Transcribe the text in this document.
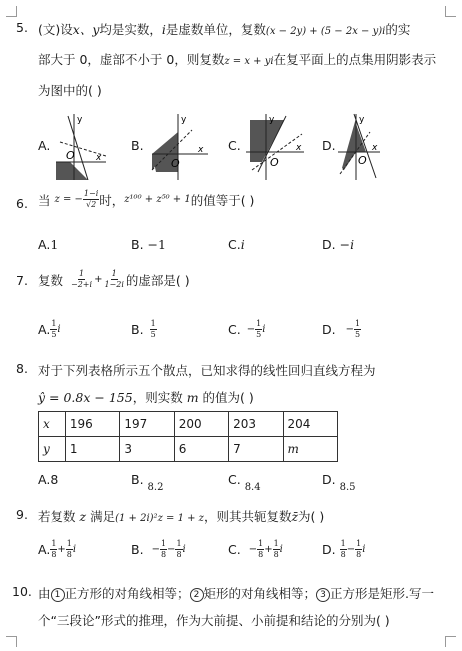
5. (文)设x、y均是实数，i是虚数单位，复数(x − 2y) + (5 − 2x − y)i的实
部大于 0，虚部不小于 0，则复数z = x + yi在复平面上的点集用阴影表示
为图中的( )
A.
y
x
O
B.
y
x
O
C.
y
x
O
D.
y
x
O
6. 当 z = − $\frac{1-i}{√2}$ 时， z¹⁰⁰ + z⁵⁰ + 1 的值等于( )
A.1	B. −1	C.i	D. −i
7. 复数 $\frac{1}{-2+i} + \frac{1}{1-2i}$ 的虚部是( )
A. $\frac{1}{5}$ i	B. $\frac{1}{5}$	C. − $\frac{1}{5}$ i	D. − $\frac{1}{5}$
8. 对于下列表格所示五个散点，已知求得的线性回归直线方程为
ŷ = 0.8x − 155，则实数 m 的值为( )
x	196	197	200	203	204
y	1	3	6	7	m
A.8	B. $_{8.2}$
C. $_{8.4}$
D. $_{8.5}$
9. 若复数 z 满足(1 + 2i)²z = 1 + z，则其共轭复数z̄为( )
A. $\frac{1}{8} + \frac{1}{8}$ i	B. − $\frac{1}{8} - \frac{1}{8}$ i	C. − $\frac{1}{8} + \frac{1}{8}$ i	D. $\frac{1}{8} - \frac{1}{8}$ i
10. 由 1 正方形的对角线相等； 2 矩形的对角线相等； 3 正方形是矩形.写一
个“三段论”形式的推理，作为大前提、小前提和结论的分别为( )
